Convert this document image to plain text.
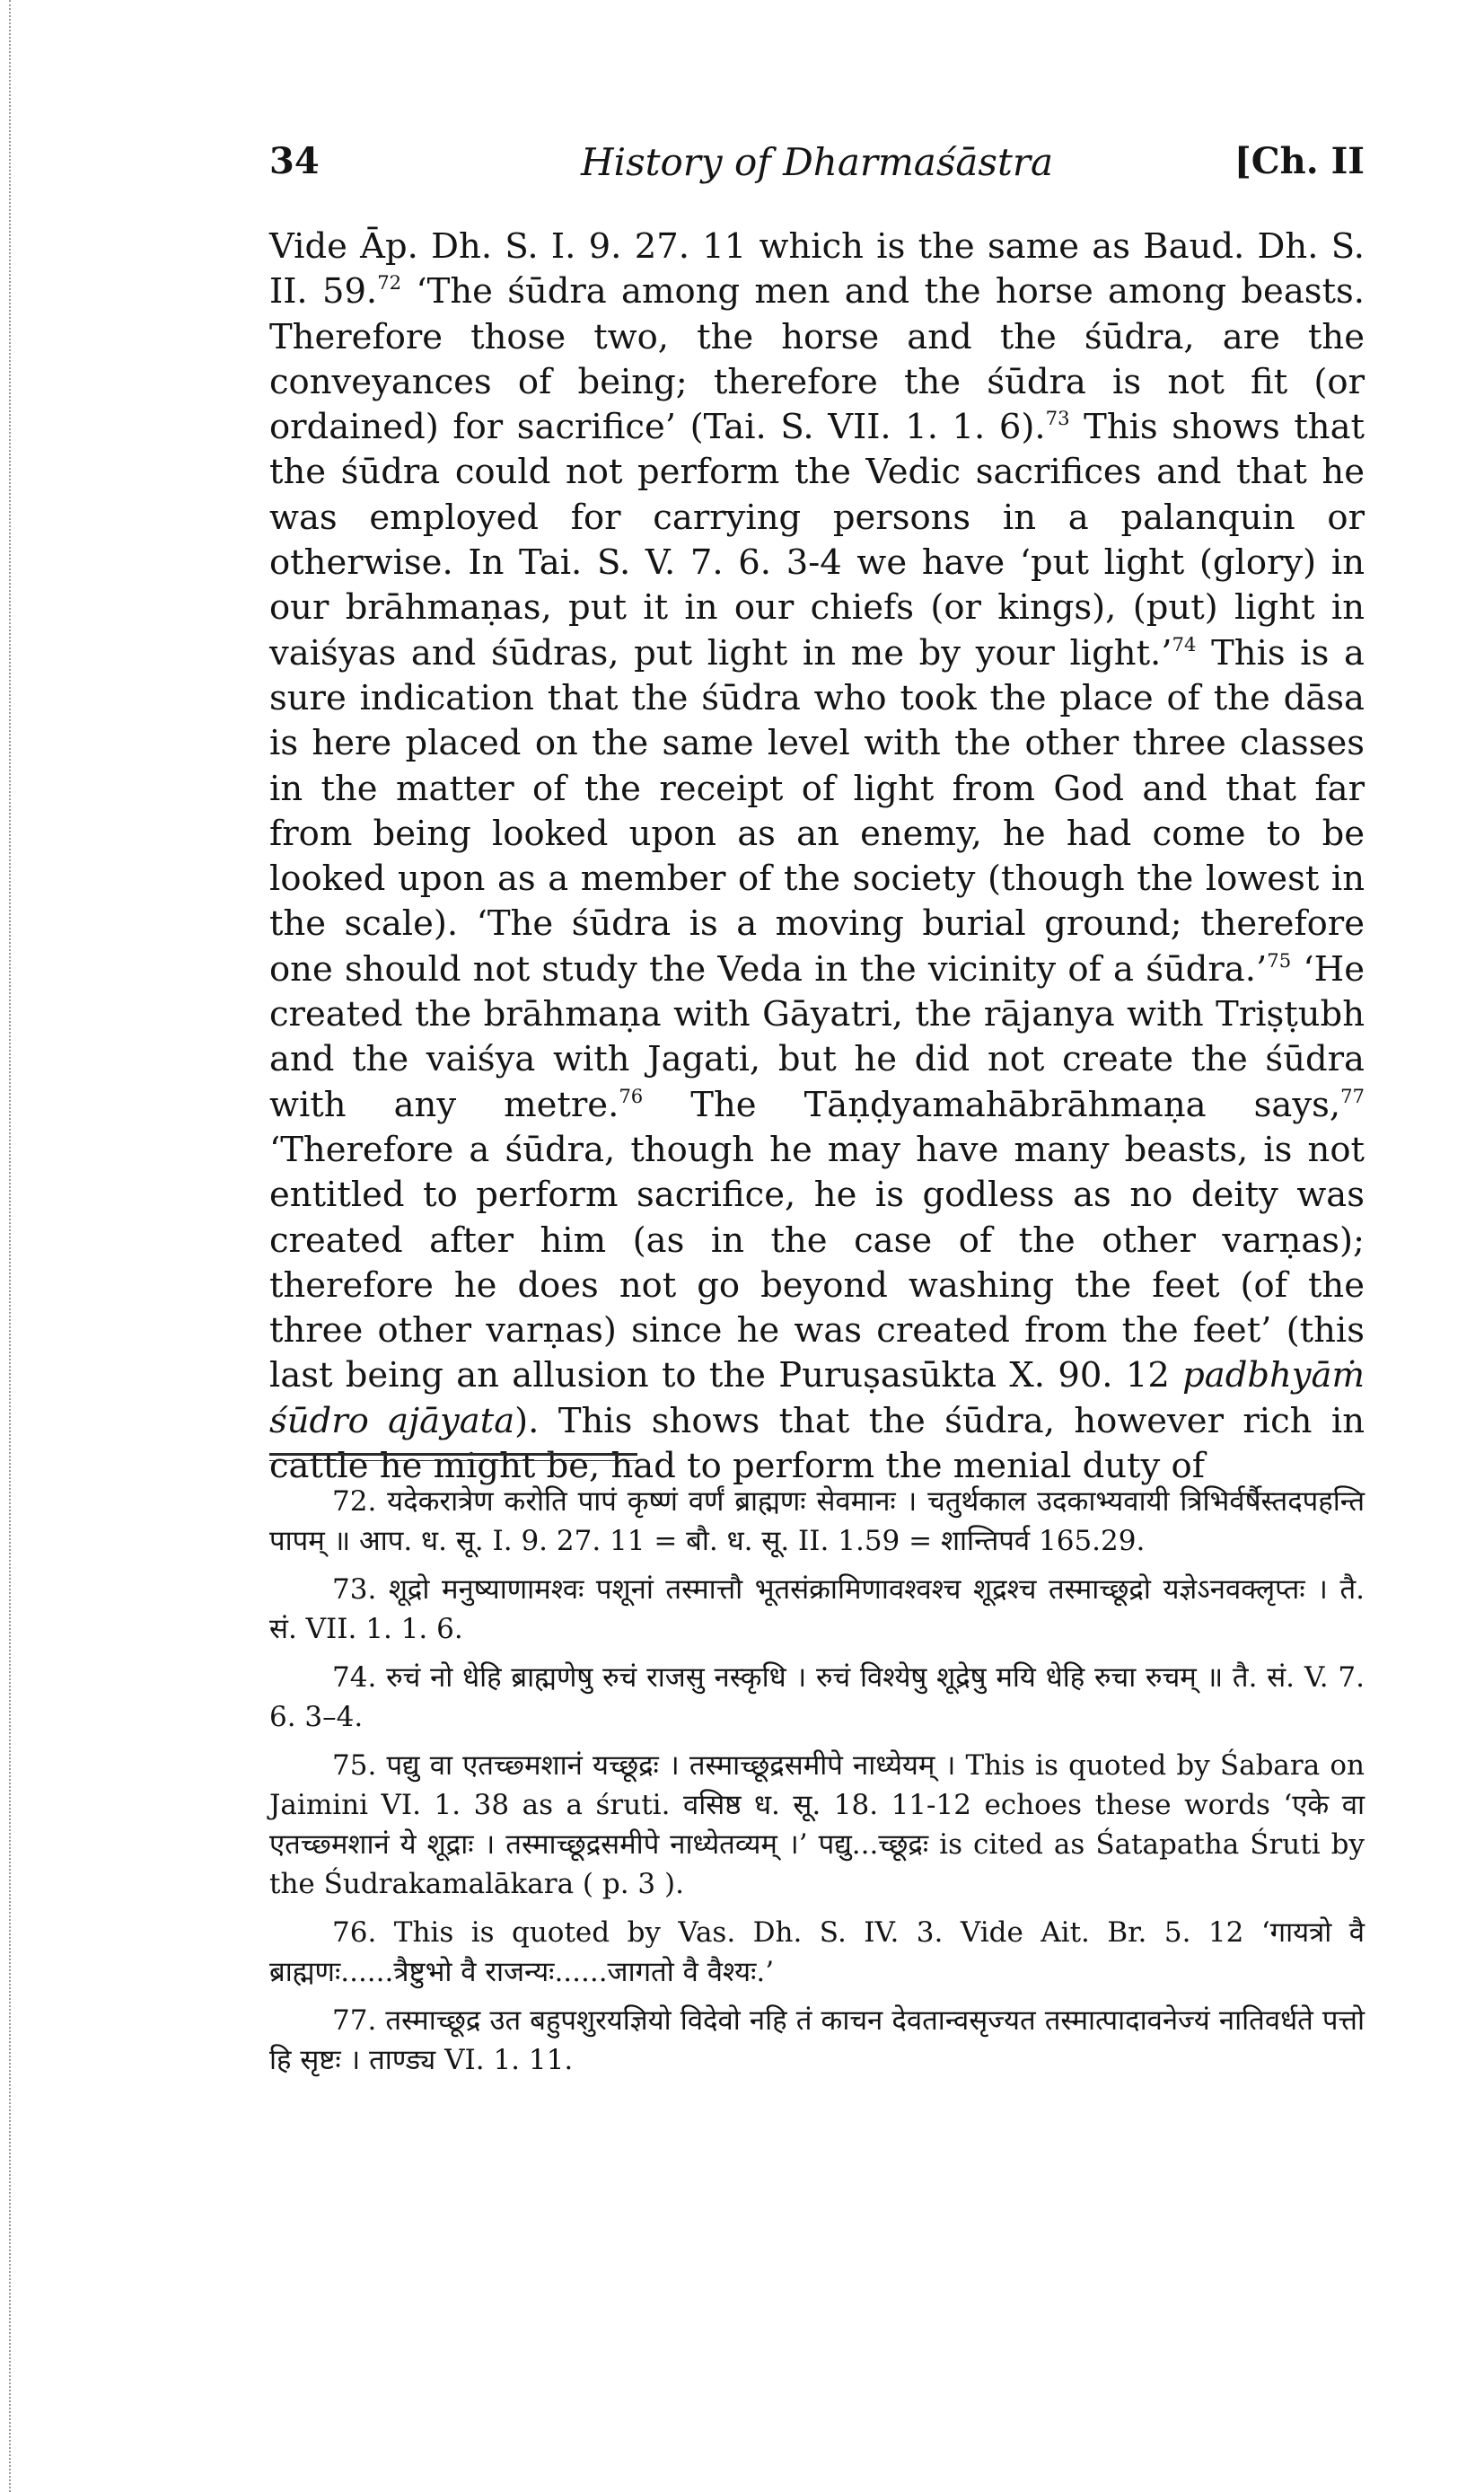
34	History of Dharmaśāstra	[Ch. II

Vide Āp. Dh. S. I. 9. 27. 11 which is the same as Baud. Dh. S. II. 59.72 ‘The śūdra among men and the horse among beasts. Therefore those two, the horse and the śūdra, are the conveyances of being; therefore the śūdra is not fit (or ordained) for sacrifice’ (Tai. S. VII. 1. 1. 6).$^{73}$ This shows that the śūdra could not perform the Vedic sacrifices and that he was employed for carrying persons in a palanquin or otherwise. In Tai. S. V. 7. 6. 3-4 we have ‘put light (glory) in our brāhmaṇas, put it in our chiefs (or kings), (put) light in vaiśyas and śūdras, put light in me by your light.’$^{74}$ This is a sure indication that the śūdra who took the place of the dāsa is here placed on the same level with the other three classes in the matter of the receipt of light from God and that far from being looked upon as an enemy, he had come to be looked upon as a member of the society (though the lowest in the scale). ‘The śūdra is a moving burial ground; therefore one should not study the Veda in the vicinity of a śūdra.’$^{75}$ ‘He created the brāhmaṇa with Gāyatri, the rājanya with Triṣṭubh and the vaiśya with Jagati, but he did not create the śūdra with any metre.$^{76}$ The Tāṇḍyamahābrāhmaṇa says,$^{77}$ ‘Therefore a śūdra, though he may have many beasts, is not entitled to perform sacrifice, he is godless as no deity was created after him (as in the case of the other varṇas); therefore he does not go beyond washing the feet (of the three other varṇas) since he was created from the feet’ (this last being an allusion to the Puruṣasūkta X. 90. 12 padbhyāṁ śūdro ajāyata). This shows that the śūdra, however rich in cattle he might be, had to perform the menial duty of

72. यदेकरात्रेण करोति पापं कृष्णं वर्णं ब्राह्मणः सेवमानः । चतुर्थकाल उदकाभ्यवायी त्रिभिर्वर्षैस्तदपहन्ति पापम् ॥ आप. ध. सू. I. 9. 27. 11 = बौ. ध. सू. II. 1.59 = शान्तिपर्व 165.29.

73. शूद्रो मनुष्याणामश्वः पशूनां तस्मात्तौ भूतसंक्रामिणावश्वश्च शूद्रश्च तस्माच्छूद्रो यज्ञेऽनवक्लृप्तः । तै. सं. VII. 1. 1. 6.

74. रुचं नो धेहि ब्राह्मणेषु रुचं राजसु नस्कृधि । रुचं विश्येषु शूद्रेषु मयि धेहि रुचा रुचम् ॥ तै. सं. V. 7. 6. 3–4.

75. पद्यु वा एतच्छ्मशानं यच्छूद्रः । तस्माच्छूद्रसमीपे नाध्येयम् । This is quoted by Śabara on Jaimini VI. 1. 38 as a śruti. वसिष्ठ ध. सू. 18. 11-12 echoes these words ‘एके वा एतच्छ्मशानं ये शूद्राः । तस्माच्छूद्रसमीपे नाध्येतव्यम् ।’ पद्यु...च्छूद्रः is cited as Śatapatha Śruti by the Śudrakamalākara ( p. 3 ).

76. This is quoted by Vas. Dh. S. IV. 3. Vide Ait. Br. 5. 12 ‘गायत्रो वै ब्राह्मणः......त्रैष्टुभो वै राजन्यः......जागतो वै वैश्यः.’

77. तस्माच्छूद्र उत बहुपशुरयज्ञियो विदेवो नहि तं काचन देवतान्वसृज्यत तस्मात्पादावनेज्यं नातिवर्धते पत्तो हि सृष्टः । ताण्ड्य VI. 1. 11.
